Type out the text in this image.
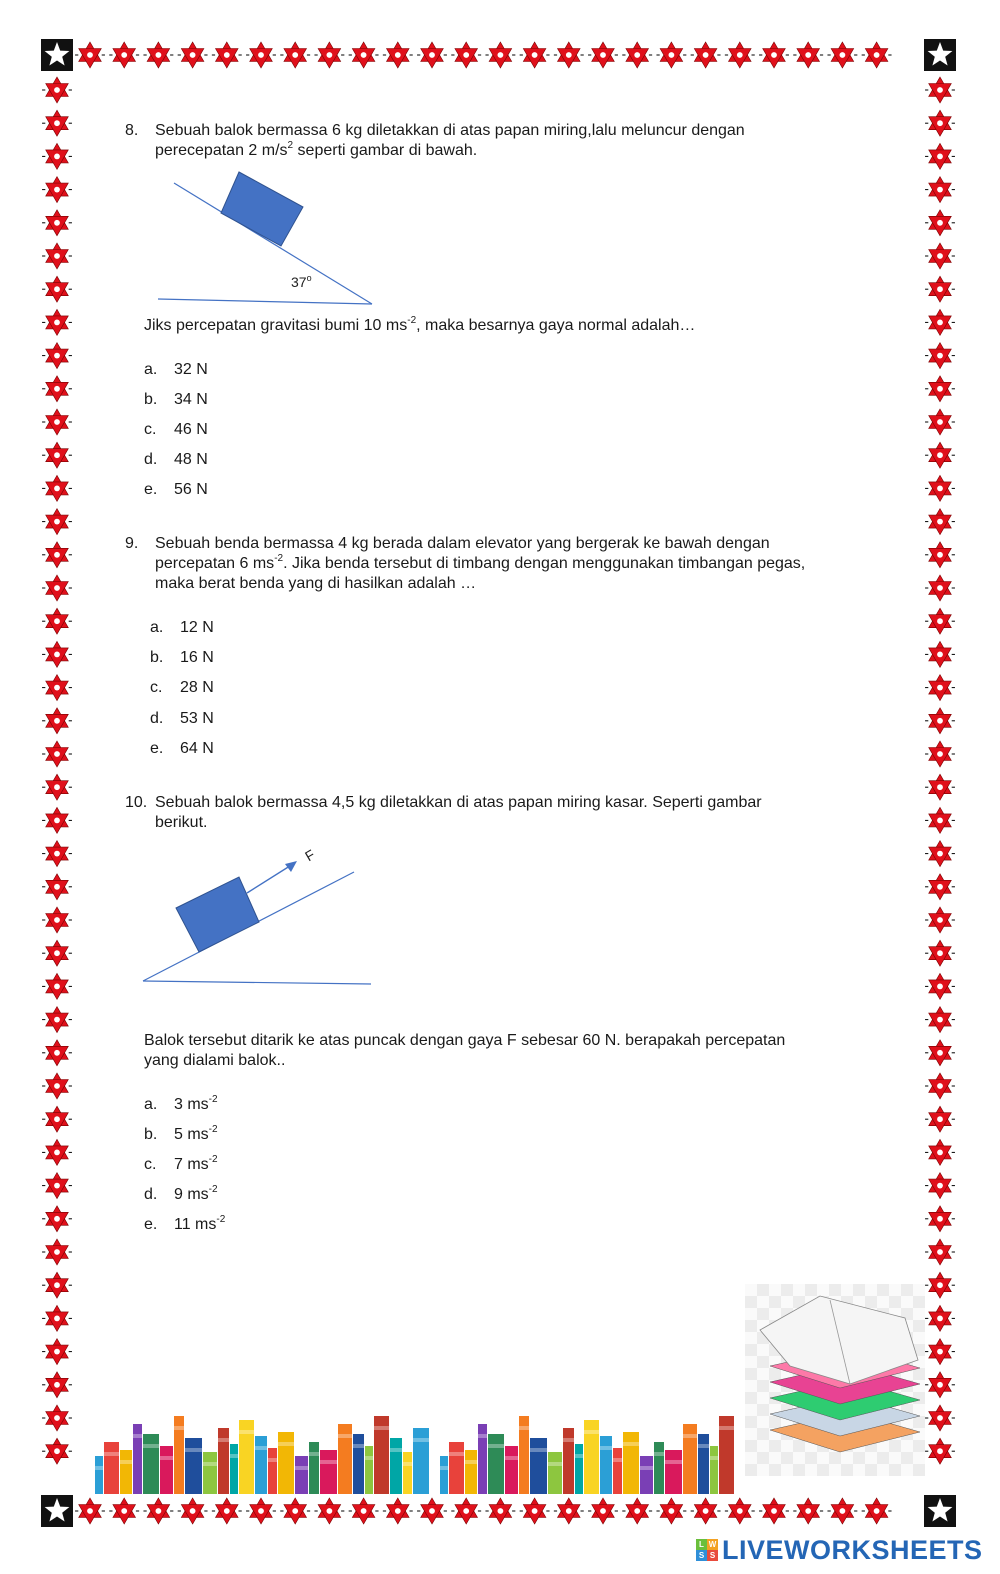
8. Sebuah balok bermassa 6 kg diletakkan di atas papan miring,lalu meluncur dengan
perecepatan 2 $m/s^2$ seperti gambar di bawah.
37$^o$
Jiks percepatan gravitasi bumi 10 $ms^{-2}$, maka besarnya gaya normal adalah…
a. 32 N
b. 34 N
c. 46 N
d. 48 N
e. 56 N
9. Sebuah benda bermassa 4 kg berada dalam elevator yang bergerak ke bawah dengan
percepatan 6 $ms^{-2}$. Jika benda tersebut di timbang dengan menggunakan timbangan pegas,
maka berat benda yang di hasilkan adalah …
a. 12 N
b. 16 N
c. 28 N
d. 53 N
e. 64 N
10. Sebuah balok bermassa 4,5 kg diletakkan di atas papan miring kasar. Seperti gambar
berikut.
F
Balok tersebut ditarik ke atas puncak dengan gaya F sebesar 60 N. berapakah percepatan
yang dialami balok..
a. 3 $ms^{-2}$
b. 5 $ms^{-2}$
c. 7 $ms^{-2}$
d. 9 $ms^{-2}$
e. 11 $ms^{-2}$
L W
S S LIVEWORKSHEETS
